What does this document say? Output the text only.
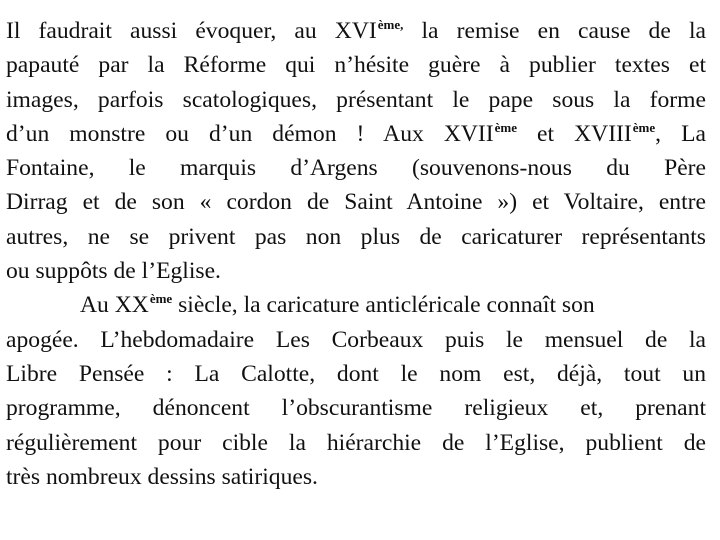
Il faudrait aussi évoquer, au $XVI^{ème,}$ la remise en cause de la
papauté par la Réforme qui n’hésite guère à publier textes et
images, parfois scatologiques, présentant le pape sous la forme
d’un monstre ou d’un démon ! Aux XVIIème et XVIIIème, La
Fontaine, le marquis d’Argens (souvenons-nous du Père
Dirrag et de son « cordon de Saint Antoine ») et Voltaire, entre
autres, ne se privent pas non plus de caricaturer représentants
ou suppôts de l’Eglise.
Au XXème siècle, la caricature anticléricale connaît son
apogée. L’hebdomadaire Les Corbeaux puis le mensuel de la
Libre Pensée : La Calotte, dont le nom est, déjà, tout un
programme, dénoncent l’obscurantisme religieux et, prenant
régulièrement pour cible la hiérarchie de l’Eglise, publient de
très nombreux dessins satiriques.
